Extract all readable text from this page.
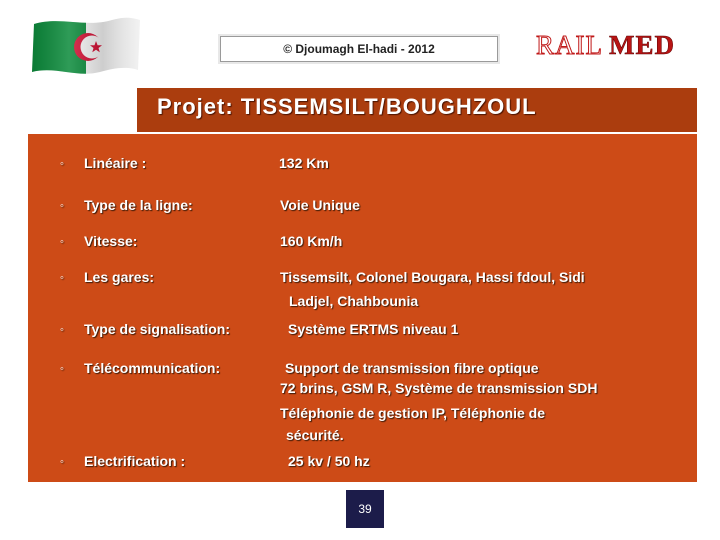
© Djoumagh El-hadi - 2012	RAIL MED
Projet: TISSEMSILT/BOUGHZOUL
◦ Linéaire :	132 Km
◦ Type de la ligne:	Voie Unique
◦ Vitesse:	160 Km/h
◦ Les gares:	Tissemsilt, Colonel Bougara, Hassi fdoul, Sidi
Ladjel, Chahbounia
◦ Type de signalisation:	Système ERTMS niveau 1
◦ Télécommunication:	Support de transmission fibre optique
72 brins, GSM R, Système de transmission SDH
Téléphonie de gestion IP, Téléphonie de
sécurité.
◦ Electrification :	25 kv / 50 hz
39
